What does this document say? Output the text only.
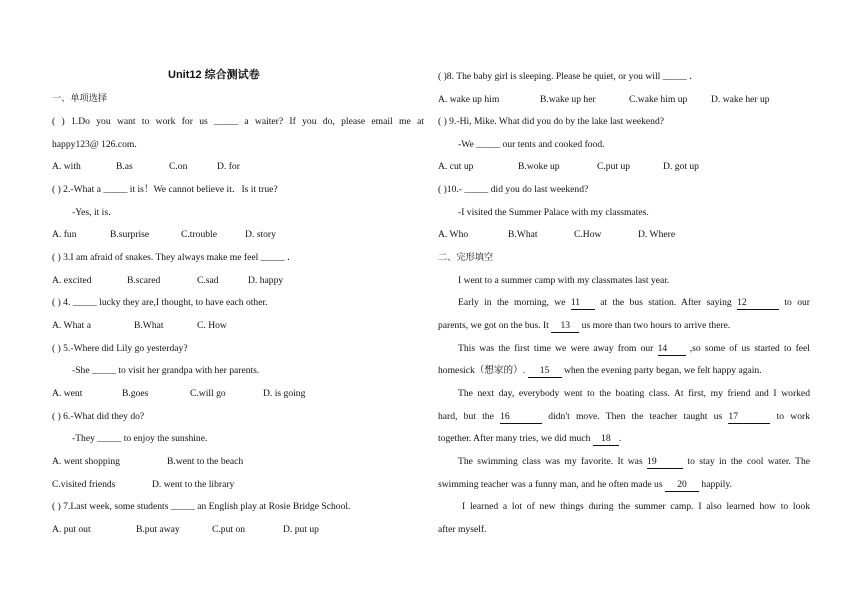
Unit12 综合测试卷
一、单项选择
( ) 1.Do you want to work for us _____ a waiter? If you do, please email me at
happy123@ 126.com.
A. with	B.as	C.on	D. for
( ) 2.-What a _____ it is！We cannot believe it．Is it true?
-Yes, it is．
A. fun	B.surprise	C.trouble	D. story
( ) 3.I am afraid of snakes. They always make me feel _____ ．
A. excited	B.scared	C.sad	D. happy
( ) 4. _____ lucky they are,I thought, to have each other.
A. What a	B.What	C. How
( ) 5.-Where did Lily go yesterday?
-She _____ to visit her grandpa with her parents.
A. went	B.goes	C.will go	D. is going
( ) 6.-What did they do?
-They _____ to enjoy the sunshine.
A. went shopping	B.went to the beach
C.visited friends	D. went to the library
( ) 7.Last week, some students _____ an English play at Rosie Bridge School.
A. put out	B.put away	C.put on	D. put up
( )8. The baby girl is sleeping. Please be quiet, or you will _____ ．
A. wake up him	B.wake up her	C.wake him up D. wake her up
( ) 9.-Hi, Mike. What did you do by the lake last weekend?
-We _____ our tents and cooked food.
A. cut up	B.woke up	C.put up	D. got up
( )10.- _____ did you do last weekend?
-I visited the Summer Palace with my classmates.
A. Who	B.What	C.How	D. Where
二、完形填空
I went to a summer camp with my classmates last year.
Early in the morning, we 11 at the bus station. After saying 12	to our
parents, we got on the bus. It 13 us more than two hours to arrive there.
This was the first time we were away from our 14 ,so some of us started to feel
homesick（想家的）. 15 when the evening party began, we felt happy again.
The next day, everybody went to the boating class. At first, my friend and I worked
hard, but the 16	didn't move. Then the teacher taught us 17	to work
together. After many tries, we did much 18 .
The swimming class was my favorite. It was 19	to stay in the cool water. The
swimming teacher was a funny man, and he often made us 20 happily.
I learned a lot of new things during the summer camp. I also learned how to look
after myself.
